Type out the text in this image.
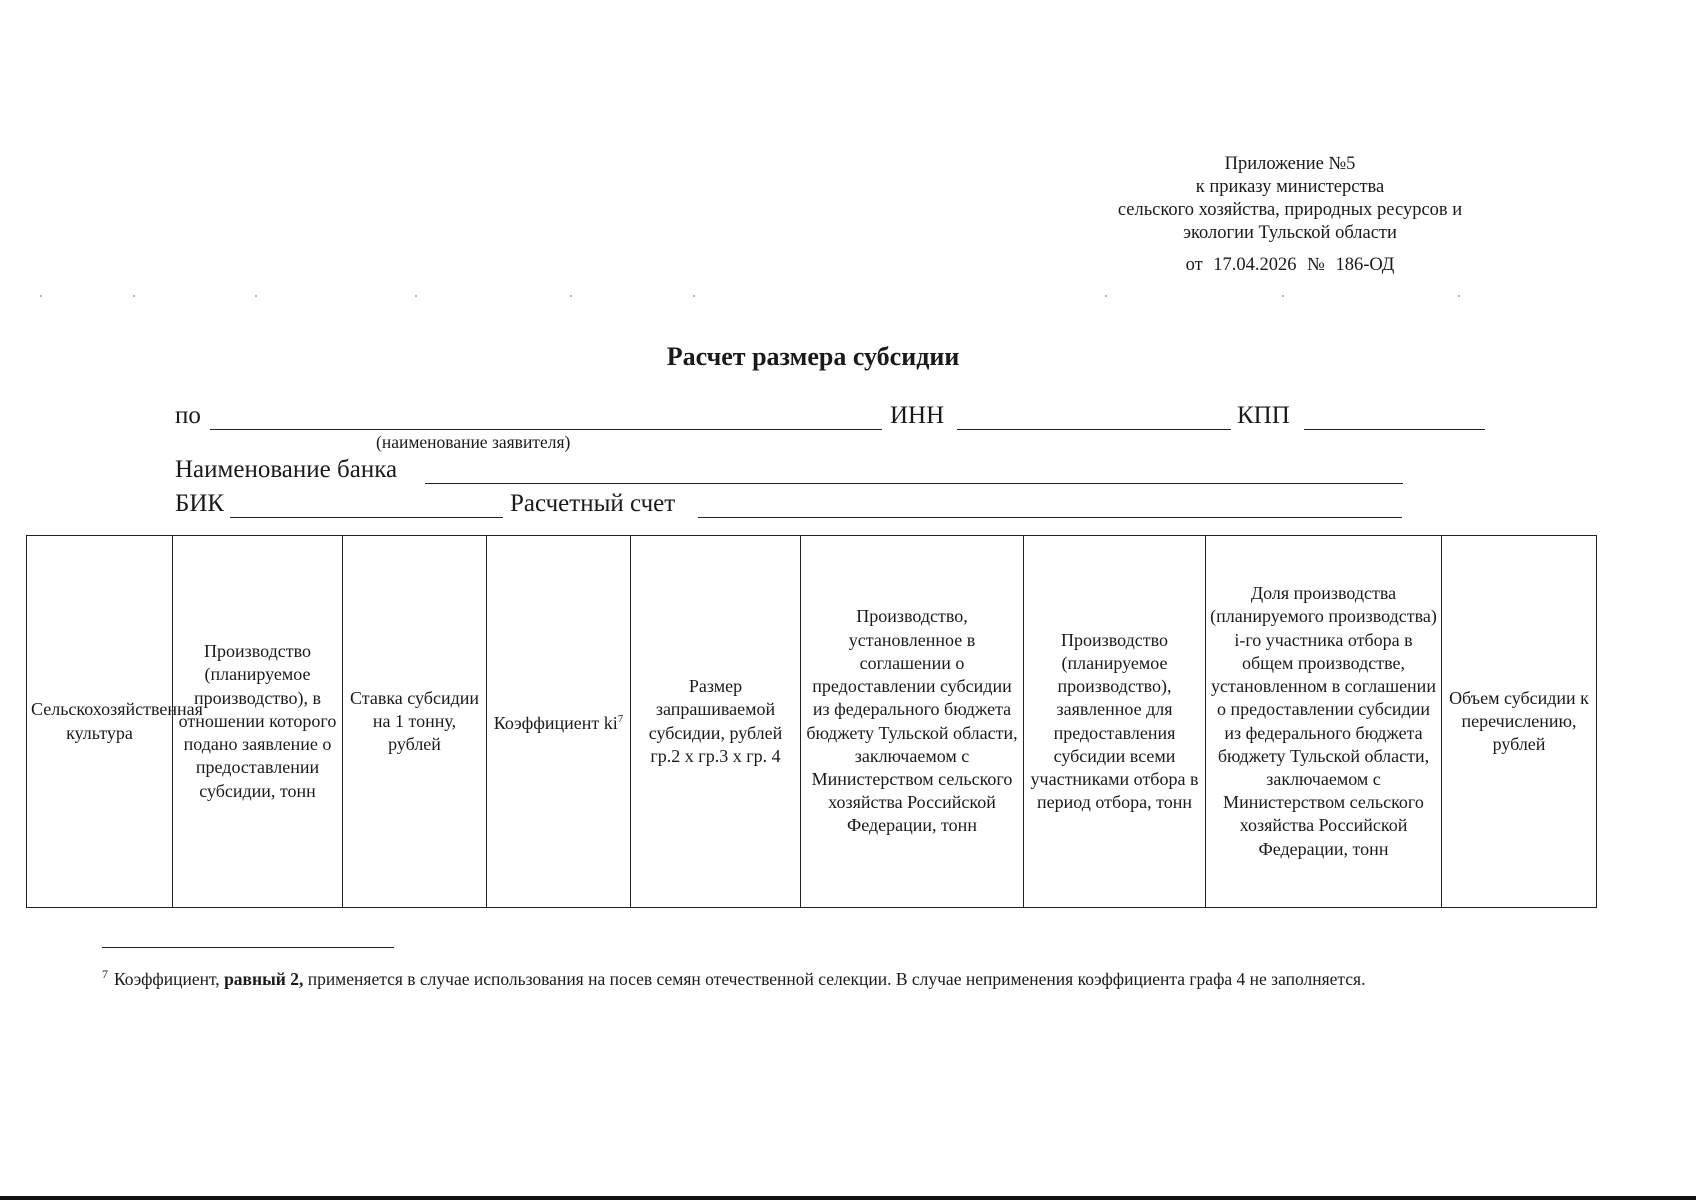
Приложение №5
к приказу министерства
сельского хозяйства, природных ресурсов и
экологии Тульской области
от 17.04.2026 № 186-ОД
Расчет размера субсидии
по	ИНН	КПП
(наименование заявителя)
Наименование банка
БИК	Расчетный счет
Сельскохозяйственная культура	Производство (планируемое производство), в отношении которого подано заявление о предоставлении субсидии, тонн	Ставка субсидии на 1 тонну, рублей	Коэффициент $ki^7$	Размер запрашиваемой субсидии, рублей гр.2 х гр.3 х гр. 4	Производство, установленное в соглашении о предоставлении субсидии из федерального бюджета бюджету Тульской области, заключаемом с Министерством сельского хозяйства Российской Федерации, тонн	Производство (планируемое производство), заявленное для предоставления субсидии всеми участниками отбора в период отбора, тонн	Доля производства (планируемого производства) i-го участника отбора в общем производстве, установленном в соглашении о предоставлении субсидии из федерального бюджета бюджету Тульской области, заключаемом с Министерством сельского хозяйства Российской Федерации, тонн	Объем субсидии к перечислению, рублей
$^7$ Коэффициент, равный 2, применяется в случае использования на посев семян отечественной селекции. В случае неприменения коэффициента графа 4 не заполняется.
